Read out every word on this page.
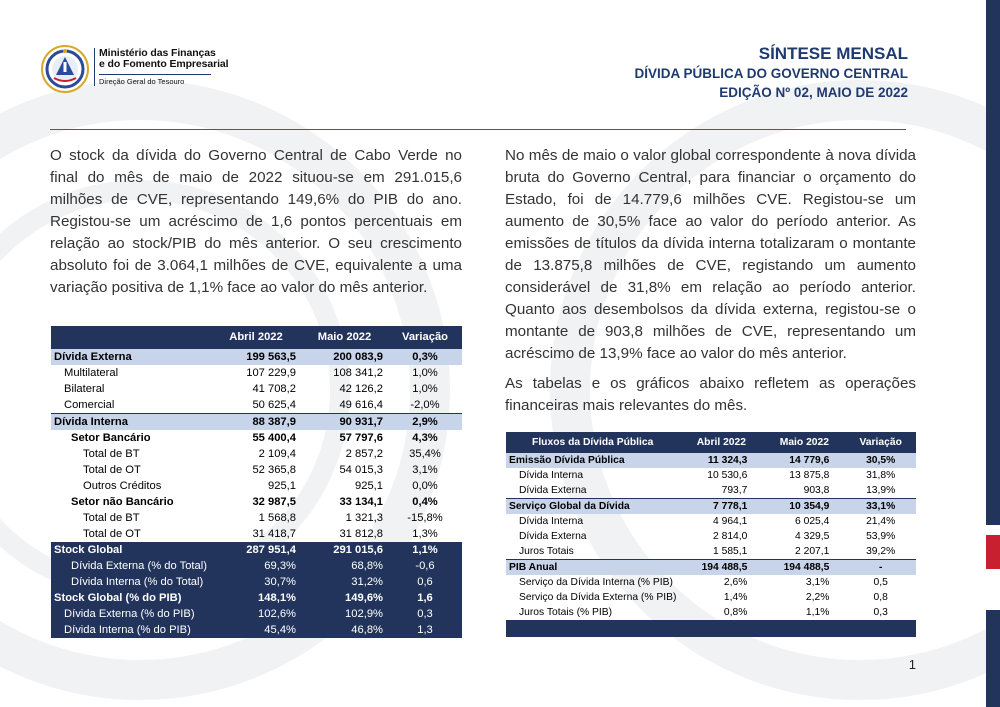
Ministério das Finanças
e do Fomento Empresarial
Direção Geral do Tesouro
SÍNTESE MENSAL
DÍVIDA PÚBLICA DO GOVERNO CENTRAL
EDIÇÃO Nº 02, MAIO DE 2022
O stock da dívida do Governo Central de Cabo Verde no final do mês de maio de 2022 situou-se em 291.015,6 milhões de CVE, representando 149,6% do PIB do ano. Registou-se um acréscimo de 1,6 pontos percentuais em relação ao stock/PIB do mês anterior. O seu crescimento absoluto foi de 3.064,1 milhões de CVE, equivalente a uma variação positiva de 1,1% face ao valor do mês anterior.
No mês de maio o valor global correspondente à nova dívida bruta do Governo Central, para financiar o orçamento do Estado, foi de 14.779,6 milhões CVE. Registou-se um aumento de 30,5% face ao valor do período anterior. As emissões de títulos da dívida interna totalizaram o montante de 13.875,8 milhões de CVE, registando um aumento considerável de 31,8% em relação ao período anterior. Quanto aos desembolsos da dívida externa, registou-se o montante de 903,8 milhões de CVE, representando um acréscimo de 13,9% face ao valor do mês anterior.
As tabelas e os gráficos abaixo refletem as operações financeiras mais relevantes do mês.
	Abril 2022	Maio 2022	Variação
Dívida Externa	199 563,5	200 083,9	0,3%
Multilateral	107 229,9	108 341,2	1,0%
Bilateral	41 708,2	42 126,2	1,0%
Comercial	50 625,4	49 616,4	-2,0%
Dívida Interna	88 387,9	90 931,7	2,9%
Setor Bancário	55 400,4	57 797,6	4,3%
Total de BT	2 109,4	2 857,2	35,4%
Total de OT	52 365,8	54 015,3	3,1%
Outros Créditos	925,1	925,1	0,0%
Setor não Bancário	32 987,5	33 134,1	0,4%
Total de BT	1 568,8	1 321,3	-15,8%
Total de OT	31 418,7	31 812,8	1,3%
Stock Global	287 951,4	291 015,6	1,1%
Dívida Externa (% do Total)	69,3%	68,8%	-0,6
Dívida Interna (% do Total)	30,7%	31,2%	0,6
Stock Global (% do PIB)	148,1%	149,6%	1,6
Dívida Externa (% do PIB)	102,6%	102,9%	0,3
Dívida Interna (% do PIB)	45,4%	46,8%	1,3
Fluxos da Dívida Pública	Abril 2022	Maio 2022	Variação
Emissão Dívida Pública	11 324,3	14 779,6	30,5%
Dívida Interna	10 530,6	13 875,8	31,8%
Dívida Externa	793,7	903,8	13,9%
Serviço Global da Dívida	7 778,1	10 354,9	33,1%
Dívida Interna	4 964,1	6 025,4	21,4%
Dívida Externa	2 814,0	4 329,5	53,9%
Juros Totais	1 585,1	2 207,1	39,2%
PIB Anual	194 488,5	194 488,5	-
Serviço da Dívida Interna (% PIB)	2,6%	3,1%	0,5
Serviço da Dívida Externa (% PIB)	1,4%	2,2%	0,8
Juros Totais (% PIB)	0,8%	1,1%	0,3

1
